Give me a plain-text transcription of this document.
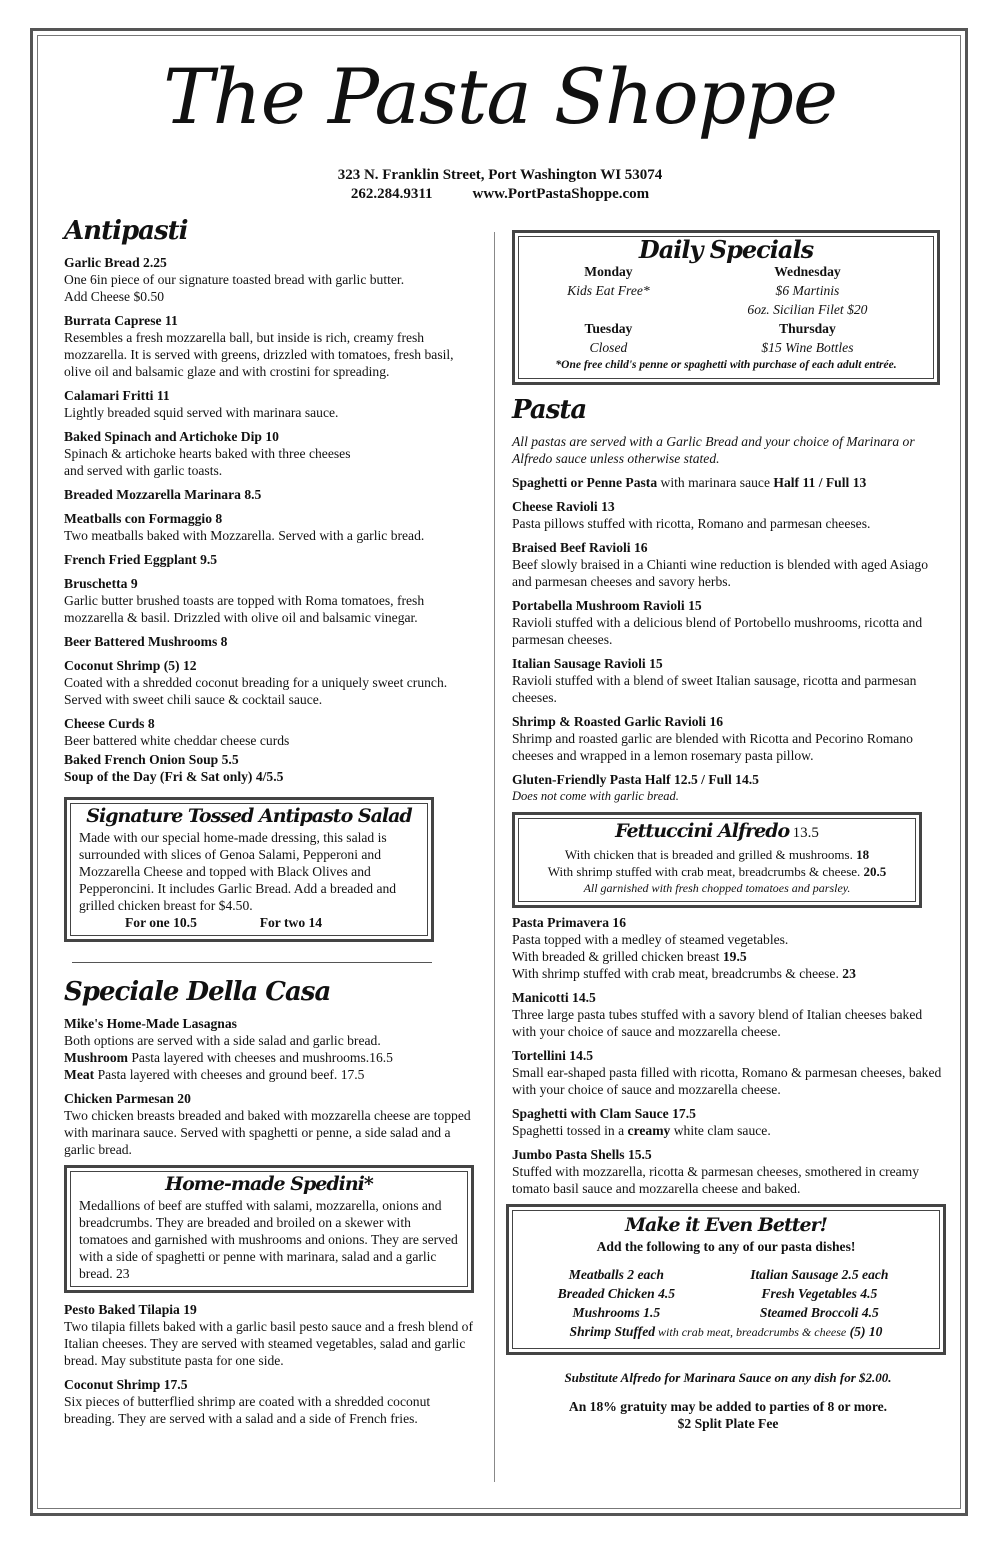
The Pasta Shoppe
323 N. Franklin Street, Port Washington WI 53074
262.284.9311	www.PortPastaShoppe.com
Antipasti
Garlic Bread 2.25
One 6in piece of our signature toasted bread with garlic butter.
Add Cheese $0.50
Burrata Caprese 11
Resembles a fresh mozzarella ball, but inside is rich, creamy fresh mozzarella. It is served with greens, drizzled with tomatoes, fresh basil, olive oil and balsamic glaze and with crostini for spreading.
Calamari Fritti 11
Lightly breaded squid served with marinara sauce.
Baked Spinach and Artichoke Dip 10
Spinach & artichoke hearts baked with three cheeses
and served with garlic toasts.
Breaded Mozzarella Marinara 8.5
Meatballs con Formaggio 8
Two meatballs baked with Mozzarella. Served with a garlic bread.
French Fried Eggplant 9.5
Bruschetta 9
Garlic butter brushed toasts are topped with Roma tomatoes, fresh mozzarella & basil. Drizzled with olive oil and balsamic vinegar.
Beer Battered Mushrooms 8
Coconut Shrimp (5) 12
Coated with a shredded coconut breading for a uniquely sweet crunch. Served with sweet chili sauce & cocktail sauce.
Cheese Curds 8
Beer battered white cheddar cheese curds
Baked French Onion Soup 5.5
Soup of the Day (Fri & Sat only) 4/5.5
Signature Tossed Antipasto Salad
Made with our special home-made dressing, this salad is surrounded with slices of Genoa Salami, Pepperoni and Mozzarella Cheese and topped with Black Olives and Pepperoncini. It includes Garlic Bread. Add a breaded and grilled chicken breast for $4.50.
For one 10.5	For two 14
Speciale Della Casa
Mike's Home-Made Lasagnas
Both options are served with a side salad and garlic bread.
Mushroom Pasta layered with cheeses and mushrooms.16.5
Meat Pasta layered with cheeses and ground beef. 17.5
Chicken Parmesan 20
Two chicken breasts breaded and baked with mozzarella cheese are topped with marinara sauce. Served with spaghetti or penne, a side salad and a garlic bread.
Home-made Spedini*
Medallions of beef are stuffed with salami, mozzarella, onions and breadcrumbs. They are breaded and broiled on a skewer with tomatoes and garnished with mushrooms and onions. They are served with a side of spaghetti or penne with marinara, salad and a garlic bread. 23
Pesto Baked Tilapia 19
Two tilapia fillets baked with a garlic basil pesto sauce and a fresh blend of Italian cheeses. They are served with steamed vegetables, salad and garlic bread. May substitute pasta for one side.
Coconut Shrimp 17.5
Six pieces of butterflied shrimp are coated with a shredded coconut breading. They are served with a salad and a side of French fries.
Daily Specials
Monday	Wednesday
Kids Eat Free*	$6 Martinis
	6oz. Sicilian Filet $20
Tuesday	Thursday
Closed	$15 Wine Bottles
*One free child's penne or spaghetti with purchase of each adult entrée.
Pasta
All pastas are served with a Garlic Bread and your choice of Marinara or Alfredo sauce unless otherwise stated.
Spaghetti or Penne Pasta with marinara sauce Half 11 / Full 13
Cheese Ravioli 13
Pasta pillows stuffed with ricotta, Romano and parmesan cheeses.
Braised Beef Ravioli 16
Beef slowly braised in a Chianti wine reduction is blended with aged Asiago and parmesan cheeses and savory herbs.
Portabella Mushroom Ravioli 15
Ravioli stuffed with a delicious blend of Portobello mushrooms, ricotta and parmesan cheeses.
Italian Sausage Ravioli 15
Ravioli stuffed with a blend of sweet Italian sausage, ricotta and parmesan cheeses.
Shrimp & Roasted Garlic Ravioli 16
Shrimp and roasted garlic are blended with Ricotta and Pecorino Romano cheeses and wrapped in a lemon rosemary pasta pillow.
Gluten-Friendly Pasta Half 12.5 / Full 14.5
Does not come with garlic bread.
Fettuccini Alfredo 13.5
With chicken that is breaded and grilled & mushrooms. 18
With shrimp stuffed with crab meat, breadcrumbs & cheese. 20.5
All garnished with fresh chopped tomatoes and parsley.
Pasta Primavera 16
Pasta topped with a medley of steamed vegetables.
With breaded & grilled chicken breast 19.5
With shrimp stuffed with crab meat, breadcrumbs & cheese. 23
Manicotti 14.5
Three large pasta tubes stuffed with a savory blend of Italian cheeses baked with your choice of sauce and mozzarella cheese.
Tortellini 14.5
Small ear-shaped pasta filled with ricotta, Romano & parmesan cheeses, baked with your choice of sauce and mozzarella cheese.
Spaghetti with Clam Sauce 17.5
Spaghetti tossed in a creamy white clam sauce.
Jumbo Pasta Shells 15.5
Stuffed with mozzarella, ricotta & parmesan cheeses, smothered in creamy tomato basil sauce and mozzarella cheese and baked.
Make it Even Better!
Add the following to any of our pasta dishes!
Meatballs 2 each	Italian Sausage 2.5 each
Breaded Chicken 4.5	Fresh Vegetables 4.5
Mushrooms 1.5	Steamed Broccoli 4.5
Shrimp Stuffed with crab meat, breadcrumbs & cheese (5) 10	
Substitute Alfredo for Marinara Sauce on any dish for $2.00.
An 18% gratuity may be added to parties of 8 or more.
$2 Split Plate Fee
